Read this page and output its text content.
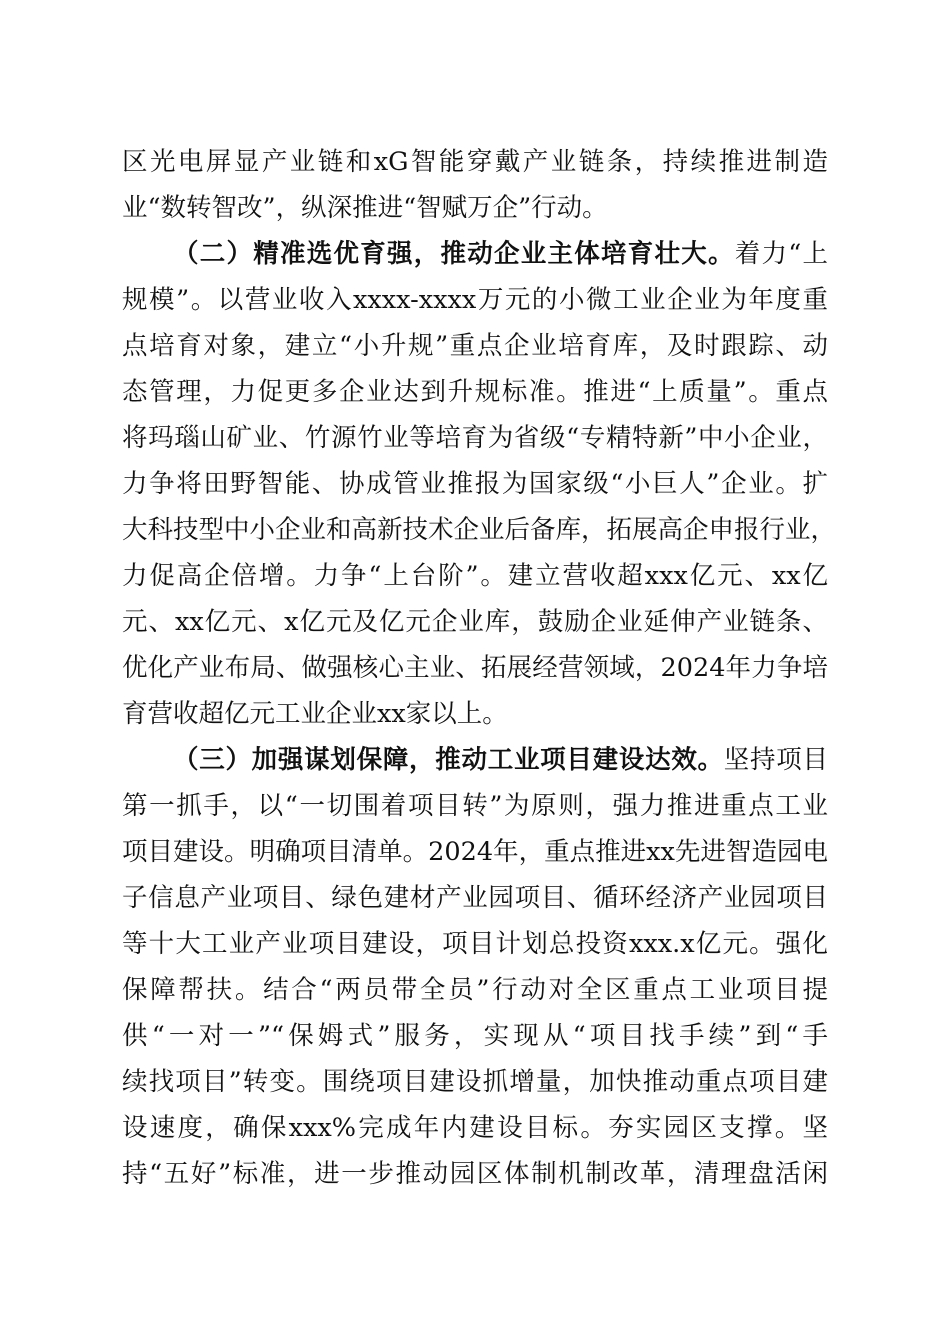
区光电屏显产业链和xG智能穿戴产业链条，持续推进制造
业“数转智改”，纵深推进“智赋万企”行动。
（二）精准选优育强，推动企业主体培育壮大。着力“上
规模”。以营业收入xxxx-xxxx万元的小微工业企业为年度重
点培育对象，建立“小升规”重点企业培育库，及时跟踪、动
态管理，力促更多企业达到升规标准。推进“上质量”。重点
将玛瑙山矿业、竹源竹业等培育为省级“专精特新”中小企业，
力争将田野智能、协成管业推报为国家级“小巨人”企业。扩
大科技型中小企业和高新技术企业后备库，拓展高企申报行业，
力促高企倍增。力争“上台阶”。建立营收超xxx亿元、xx亿
元、xx亿元、x亿元及亿元企业库，鼓励企业延伸产业链条、
优化产业布局、做强核心主业、拓展经营领域，2024年力争培
育营收超亿元工业企业xx家以上。
（三）加强谋划保障，推动工业项目建设达效。坚持项目
第一抓手，以“一切围着项目转”为原则，强力推进重点工业
项目建设。明确项目清单。2024年，重点推进xx先进智造园电
子信息产业项目、绿色建材产业园项目、循环经济产业园项目
等十大工业产业项目建设，项目计划总投资xxx.x亿元。强化
保障帮扶。结合“两员带全员”行动对全区重点工业项目提
供“一对一”“保姆式”服务，实现从“项目找手续”到“手
续找项目”转变。围绕项目建设抓增量，加快推动重点项目建
设速度，确保xxx%完成年内建设目标。夯实园区支撑。坚
持“五好”标准，进一步推动园区体制机制改革，清理盘活闲
